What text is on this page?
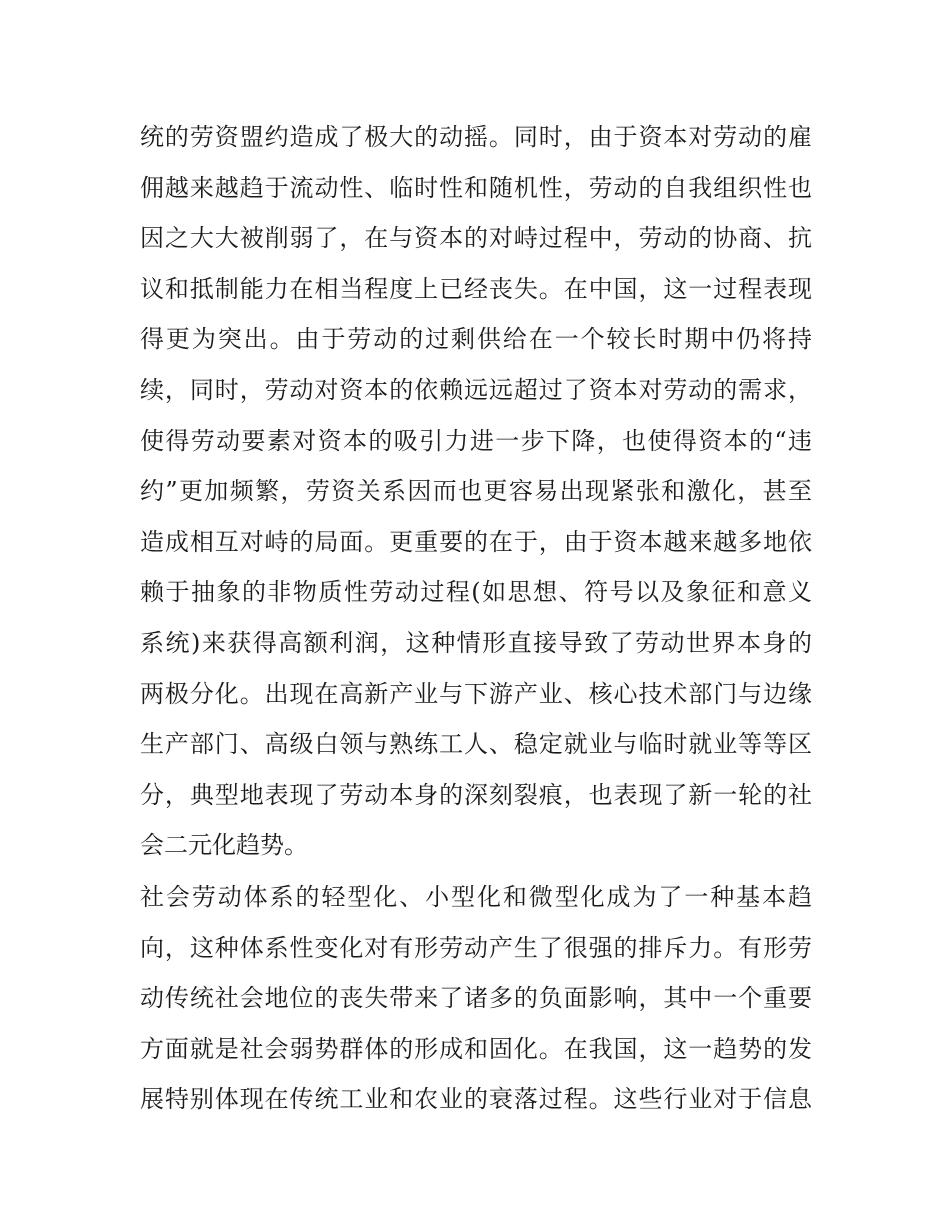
统的劳资盟约造成了极大的动摇。同时，由于资本对劳动的雇
佣越来越趋于流动性、临时性和随机性，劳动的自我组织性也
因之大大被削弱了，在与资本的对峙过程中，劳动的协商、抗
议和抵制能力在相当程度上已经丧失。在中国，这一过程表现
得更为突出。由于劳动的过剩供给在一个较长时期中仍将持
续，同时，劳动对资本的依赖远远超过了资本对劳动的需求，
使得劳动要素对资本的吸引力进一步下降，也使得资本的“违
约”更加频繁，劳资关系因而也更容易出现紧张和激化，甚至
造成相互对峙的局面。更重要的在于，由于资本越来越多地依
赖于抽象的非物质性劳动过程(如思想、符号以及象征和意义
系统)来获得高额利润，这种情形直接导致了劳动世界本身的
两极分化。出现在高新产业与下游产业、核心技术部门与边缘
生产部门、高级白领与熟练工人、稳定就业与临时就业等等区
分，典型地表现了劳动本身的深刻裂痕，也表现了新一轮的社
会二元化趋势。
社会劳动体系的轻型化、小型化和微型化成为了一种基本趋
向，这种体系性变化对有形劳动产生了很强的排斥力。有形劳
动传统社会地位的丧失带来了诸多的负面影响，其中一个重要
方面就是社会弱势群体的形成和固化。在我国，这一趋势的发
展特别体现在传统工业和农业的衰落过程。这些行业对于信息
